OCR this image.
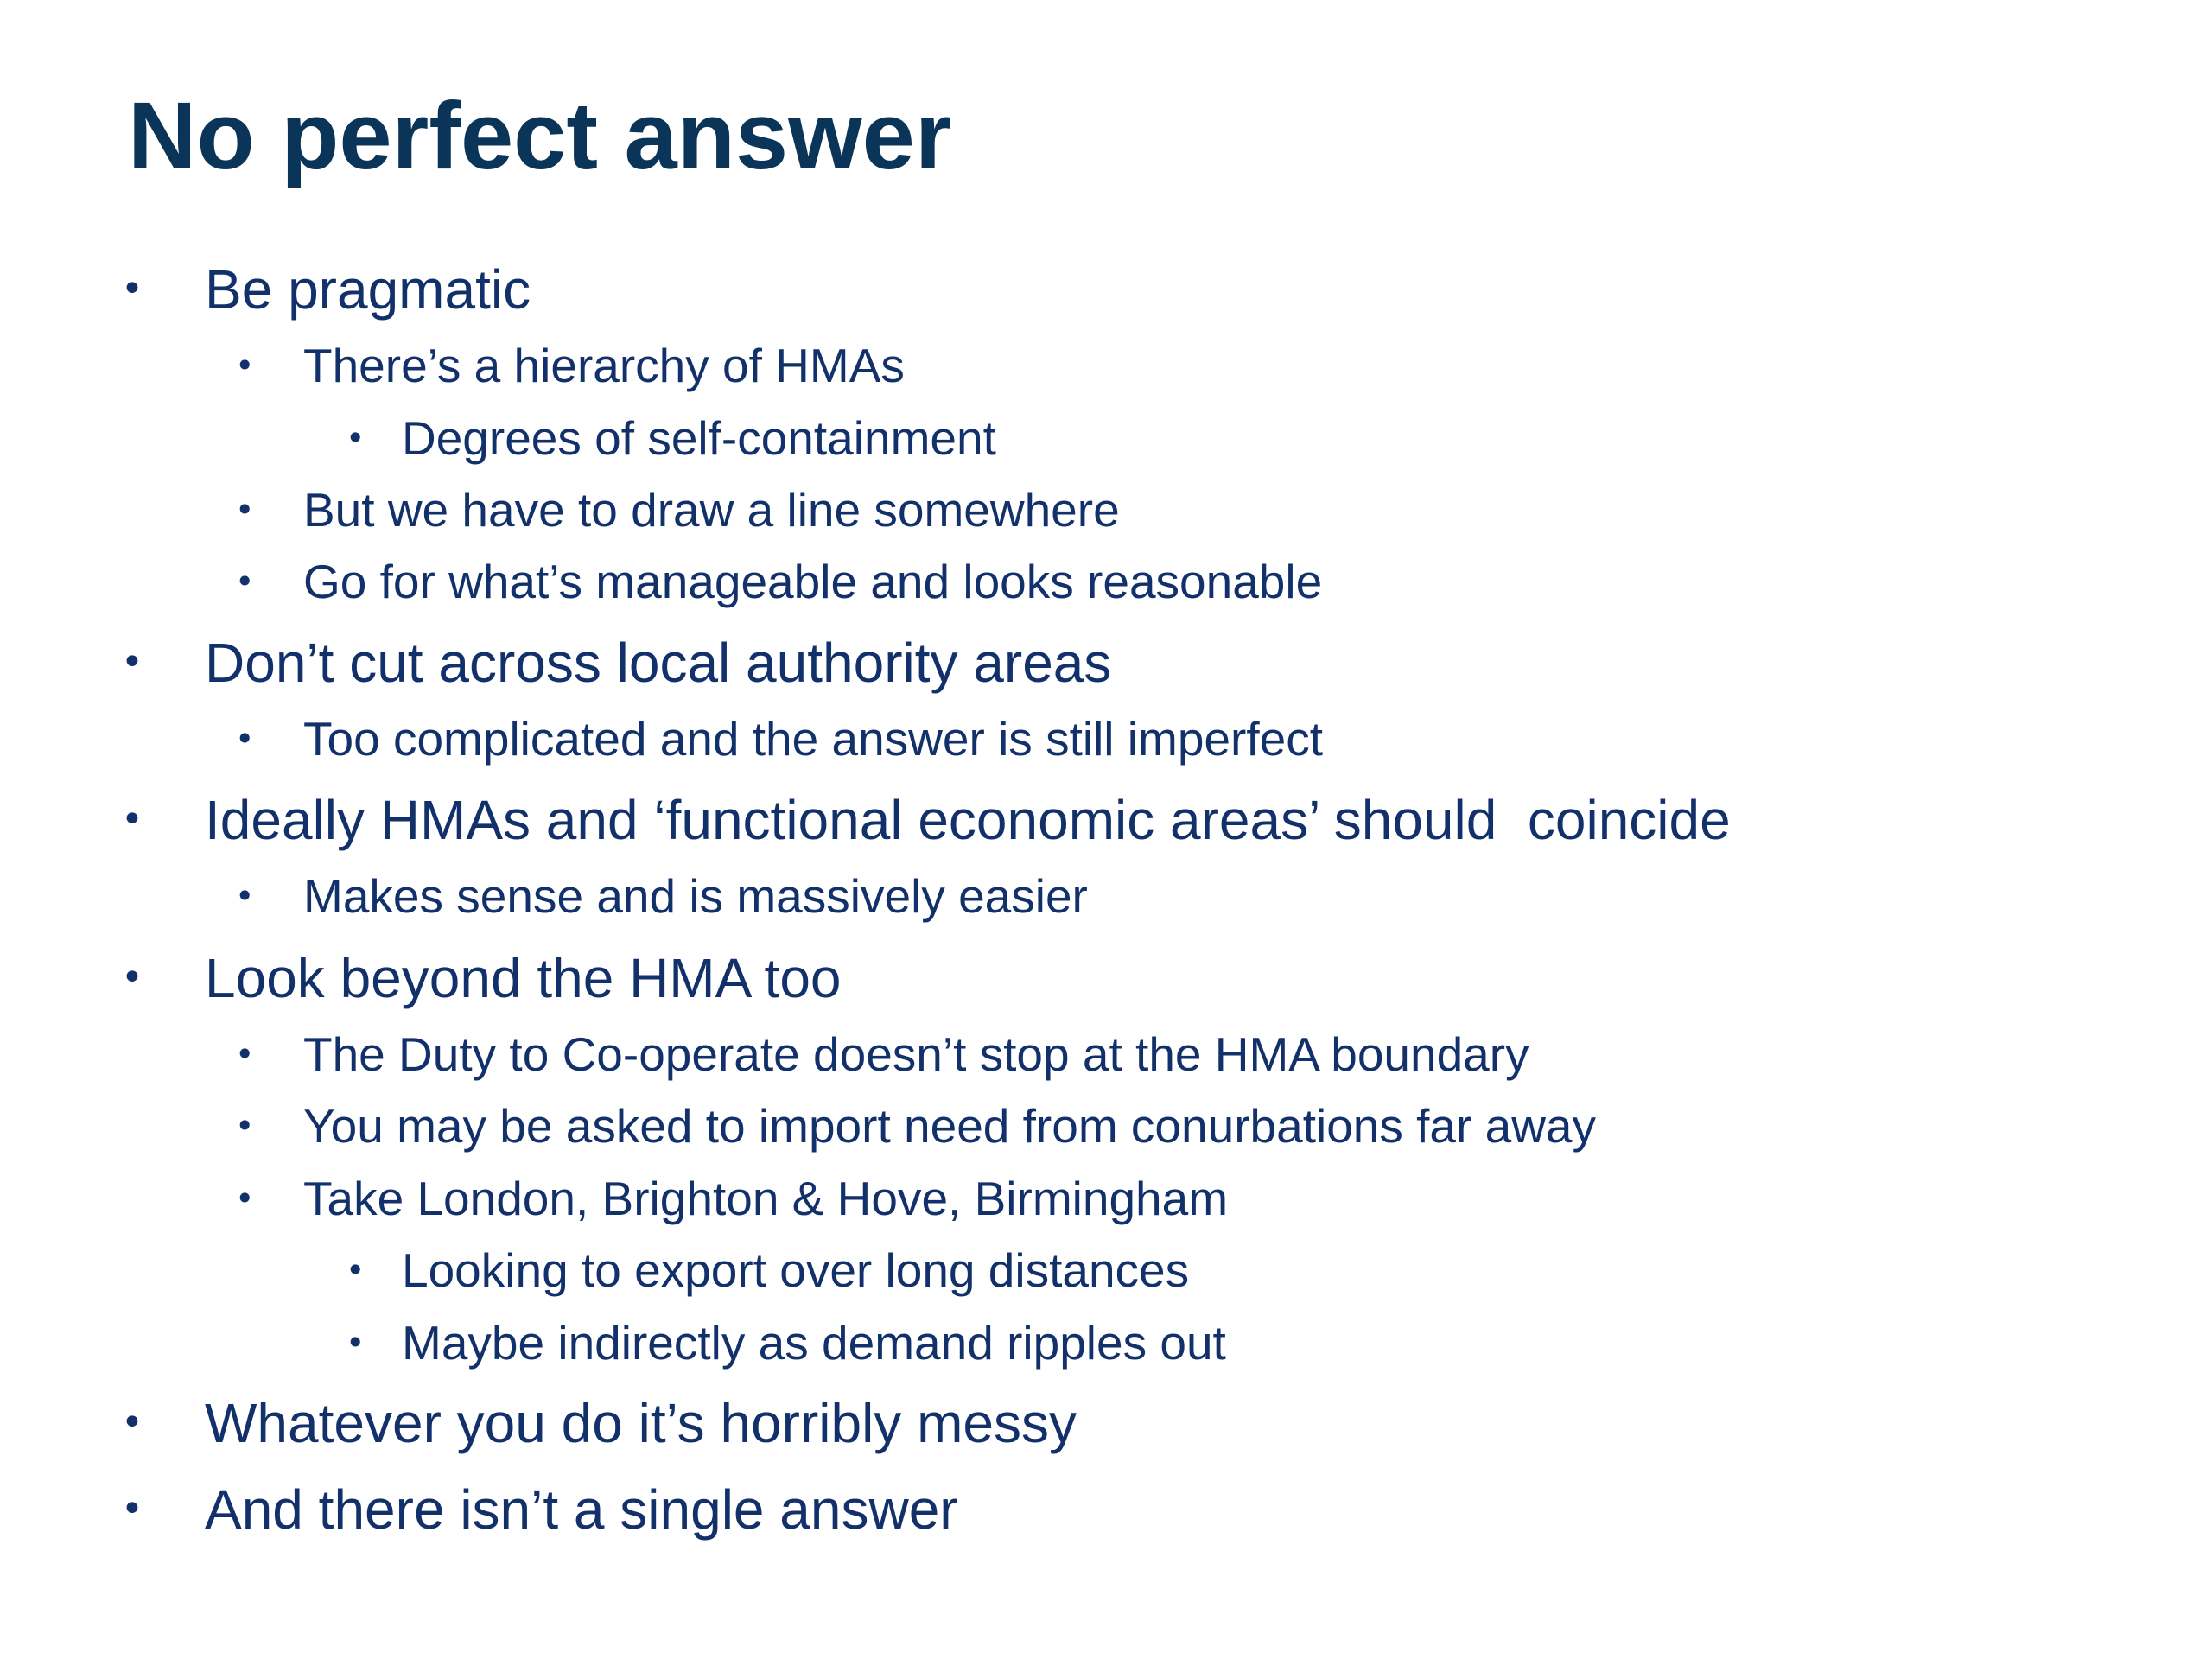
No perfect answer
• Be pragmatic
• There’s a hierarchy of HMAs
• Degrees of self-containment
• But we have to draw a line somewhere
• Go for what’s manageable and looks reasonable
• Don’t cut across local authority areas
• Too complicated and the answer is still imperfect
• Ideally HMAs and ‘functional economic areas’ should  coincide
• Makes sense and is massively easier
• Look beyond the HMA too
• The Duty to Co-operate doesn’t stop at the HMA boundary
• You may be asked to import need from conurbations far away
• Take London, Brighton & Hove, Birmingham
• Looking to export over long distances
• Maybe indirectly as demand ripples out
• Whatever you do it’s horribly messy
• And there isn’t a single answer
